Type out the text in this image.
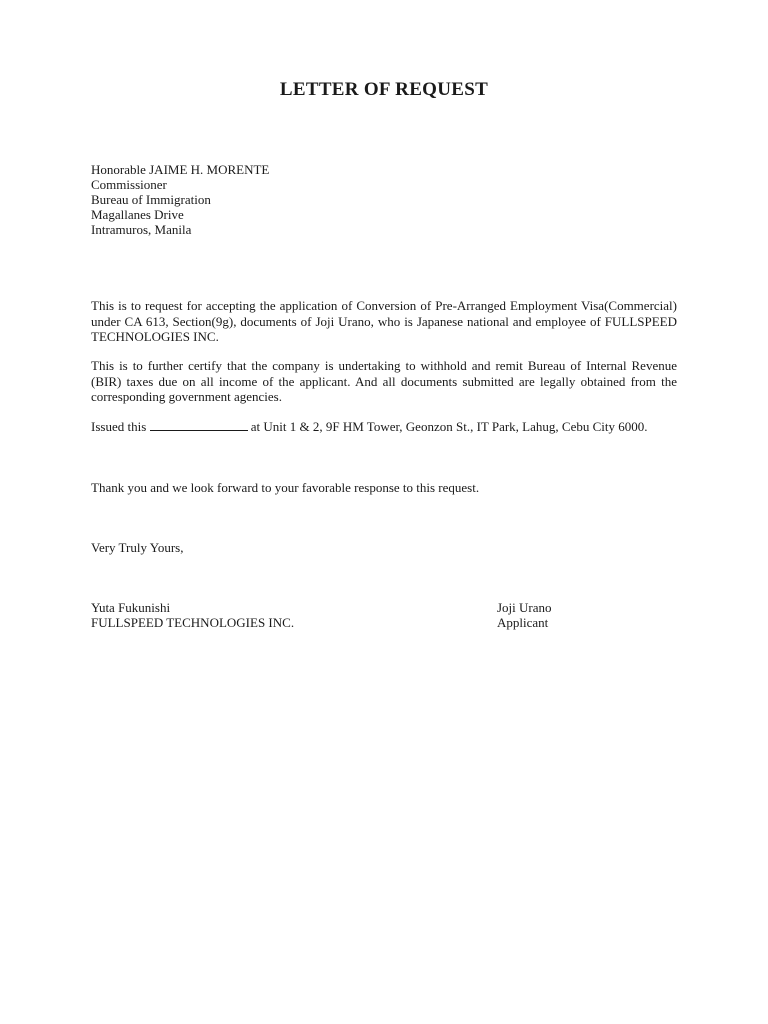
LETTER OF REQUEST
Honorable JAIME H. MORENTE
Commissioner
Bureau of Immigration
Magallanes Drive
Intramuros, Manila
This is to request for accepting the application of Conversion of Pre-Arranged Employment Visa(Commercial) under CA 613, Section(9g), documents of Joji Urano, who is Japanese national and employee of FULLSPEED TECHNOLOGIES INC.
This is to further certify that the company is undertaking to withhold and remit Bureau of Internal Revenue (BIR) taxes due on all income of the applicant. And all documents submitted are legally obtained from the corresponding government agencies.
Issued this	at Unit 1 & 2, 9F HM Tower, Geonzon St., IT Park, Lahug, Cebu City 6000.
Thank you and we look forward to your favorable response to this request.
Very Truly Yours,
Yuta Fukunishi
FULLSPEED TECHNOLOGIES INC.
Joji Urano
Applicant
